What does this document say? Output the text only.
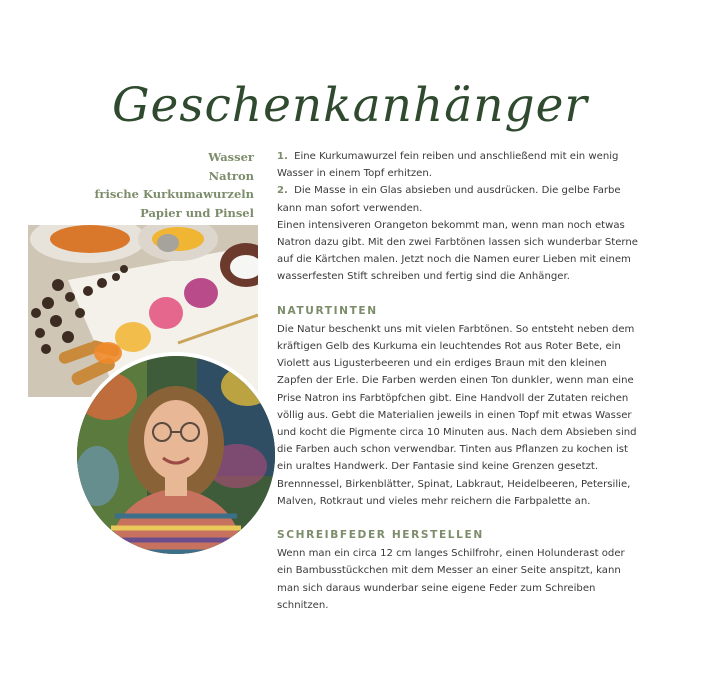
Geschenkanhänger
Wasser
Natron
frische Kurkumawurzeln
Papier und Pinsel

1. Eine Kurkumawurzel fein reiben und anschließend mit ein wenig Wasser in einem Topf erhitzen.

2. Die Masse in ein Glas absieben und ausdrücken. Die gelbe Farbe kann man sofort verwenden.

Einen intensiveren Orangeton bekommt man, wenn man noch etwas Natron dazu gibt. Mit den zwei Farbtönen lassen sich wunderbar Sterne auf die Kärtchen malen. Jetzt noch die Namen eurer Lieben mit einem wasserfesten Stift schreiben und fertig sind die Anhänger.

NATURTINTEN

Die Natur beschenkt uns mit vielen Farbtönen. So entsteht neben dem kräftigen Gelb des Kurkuma ein leuchtendes Rot aus Roter Bete, ein Violett aus Ligusterbeeren und ein erdiges Braun mit den kleinen Zapfen der Erle. Die Farben werden einen Ton dunkler, wenn man eine Prise Natron ins Farbtöpfchen gibt. Eine Handvoll der Zutaten reichen völlig aus. Gebt die Materialien jeweils in einen Topf mit etwas Wasser und kocht die Pigmente circa 10 Minuten aus. Nach dem Absieben sind die Farben auch schon verwendbar. Tinten aus Pflanzen zu kochen ist ein uraltes Handwerk. Der Fantasie sind keine Grenzen gesetzt. Brennnessel, Birkenblätter, Spinat, Labkraut, Heidelbeeren, Petersilie, Malven, Rotkraut und vieles mehr reichern die Farbpalette an.

SCHREIBFEDER HERSTELLEN

Wenn man ein circa 12 cm langes Schilfrohr, einen Holunderast oder ein Bambusstückchen mit dem Messer an einer Seite anspitzt, kann man sich daraus wunderbar seine eigene Feder zum Schreiben schnitzen.
